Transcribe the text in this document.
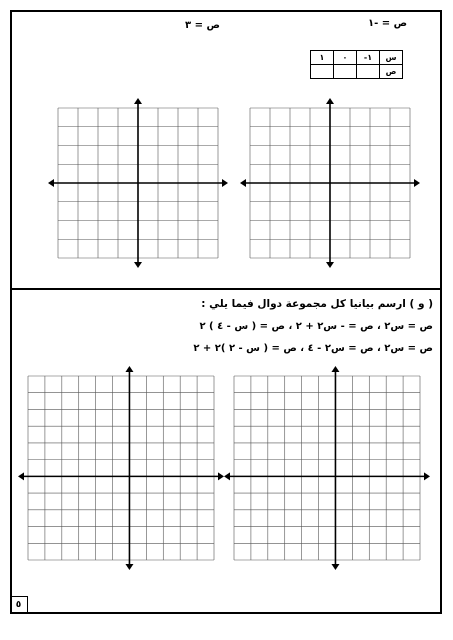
ص = ٣	ص = -١
١	٠	-١	س
			ص
( و ) ارسم بيانيا كل مجموعة دوال فيما يلي :
ص = س٢ ، ص = - س٢ + ٢ ، ص = ( س - ٤ ) ٢
ص = س٢ ، ص = س٢ - ٤ ، ص = ( س - ٢ )٢ + ٢
٥
